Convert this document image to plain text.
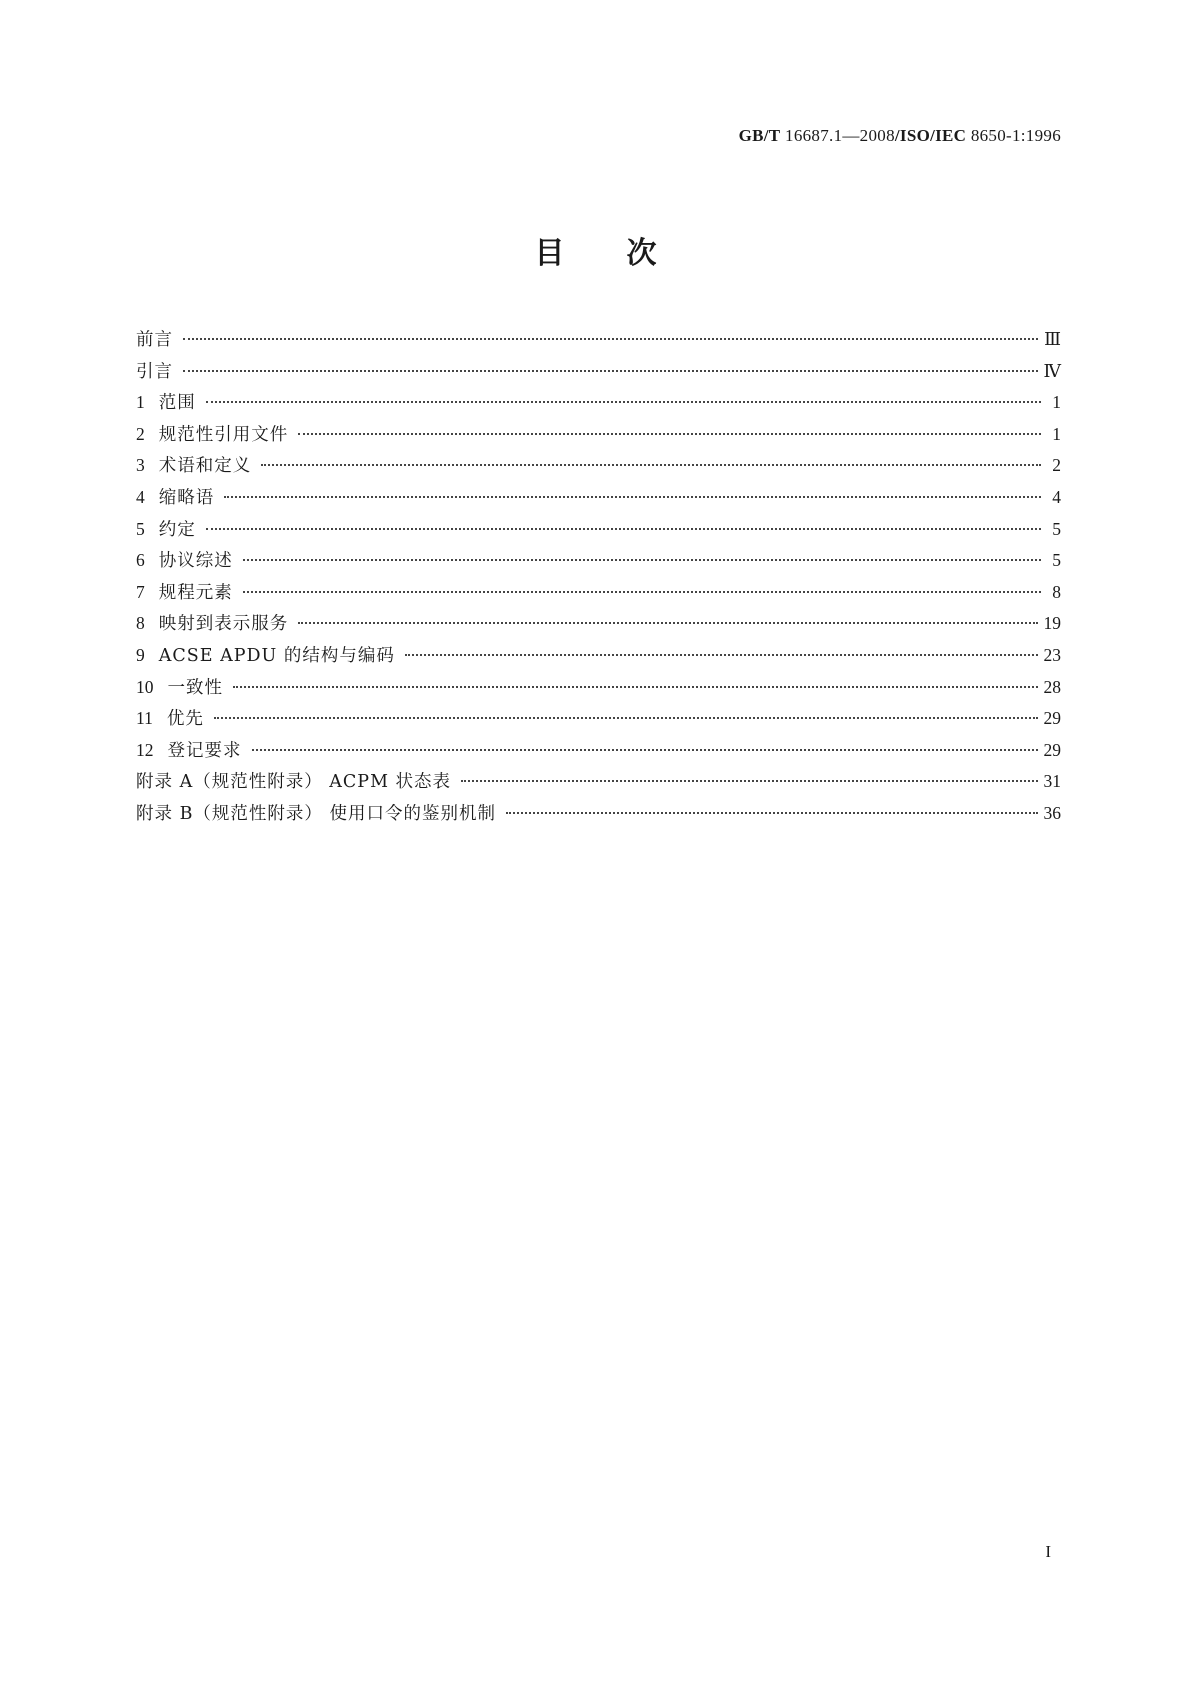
GB/T 16687.1—2008/ISO/IEC 8650-1:1996
目次
前言	Ⅲ
引言	Ⅳ
1 范围	1
2 规范性引用文件	1
3 术语和定义	2
4 缩略语	4
5 约定	5
6 协议综述	5
7 规程元素	8
8 映射到表示服务	19
9 ACSE APDU 的结构与编码	23
10 一致性	28
11 优先	29
12 登记要求	29
附录 A（规范性附录） ACPM 状态表	31
附录 B（规范性附录） 使用口令的鉴别机制	36
I
